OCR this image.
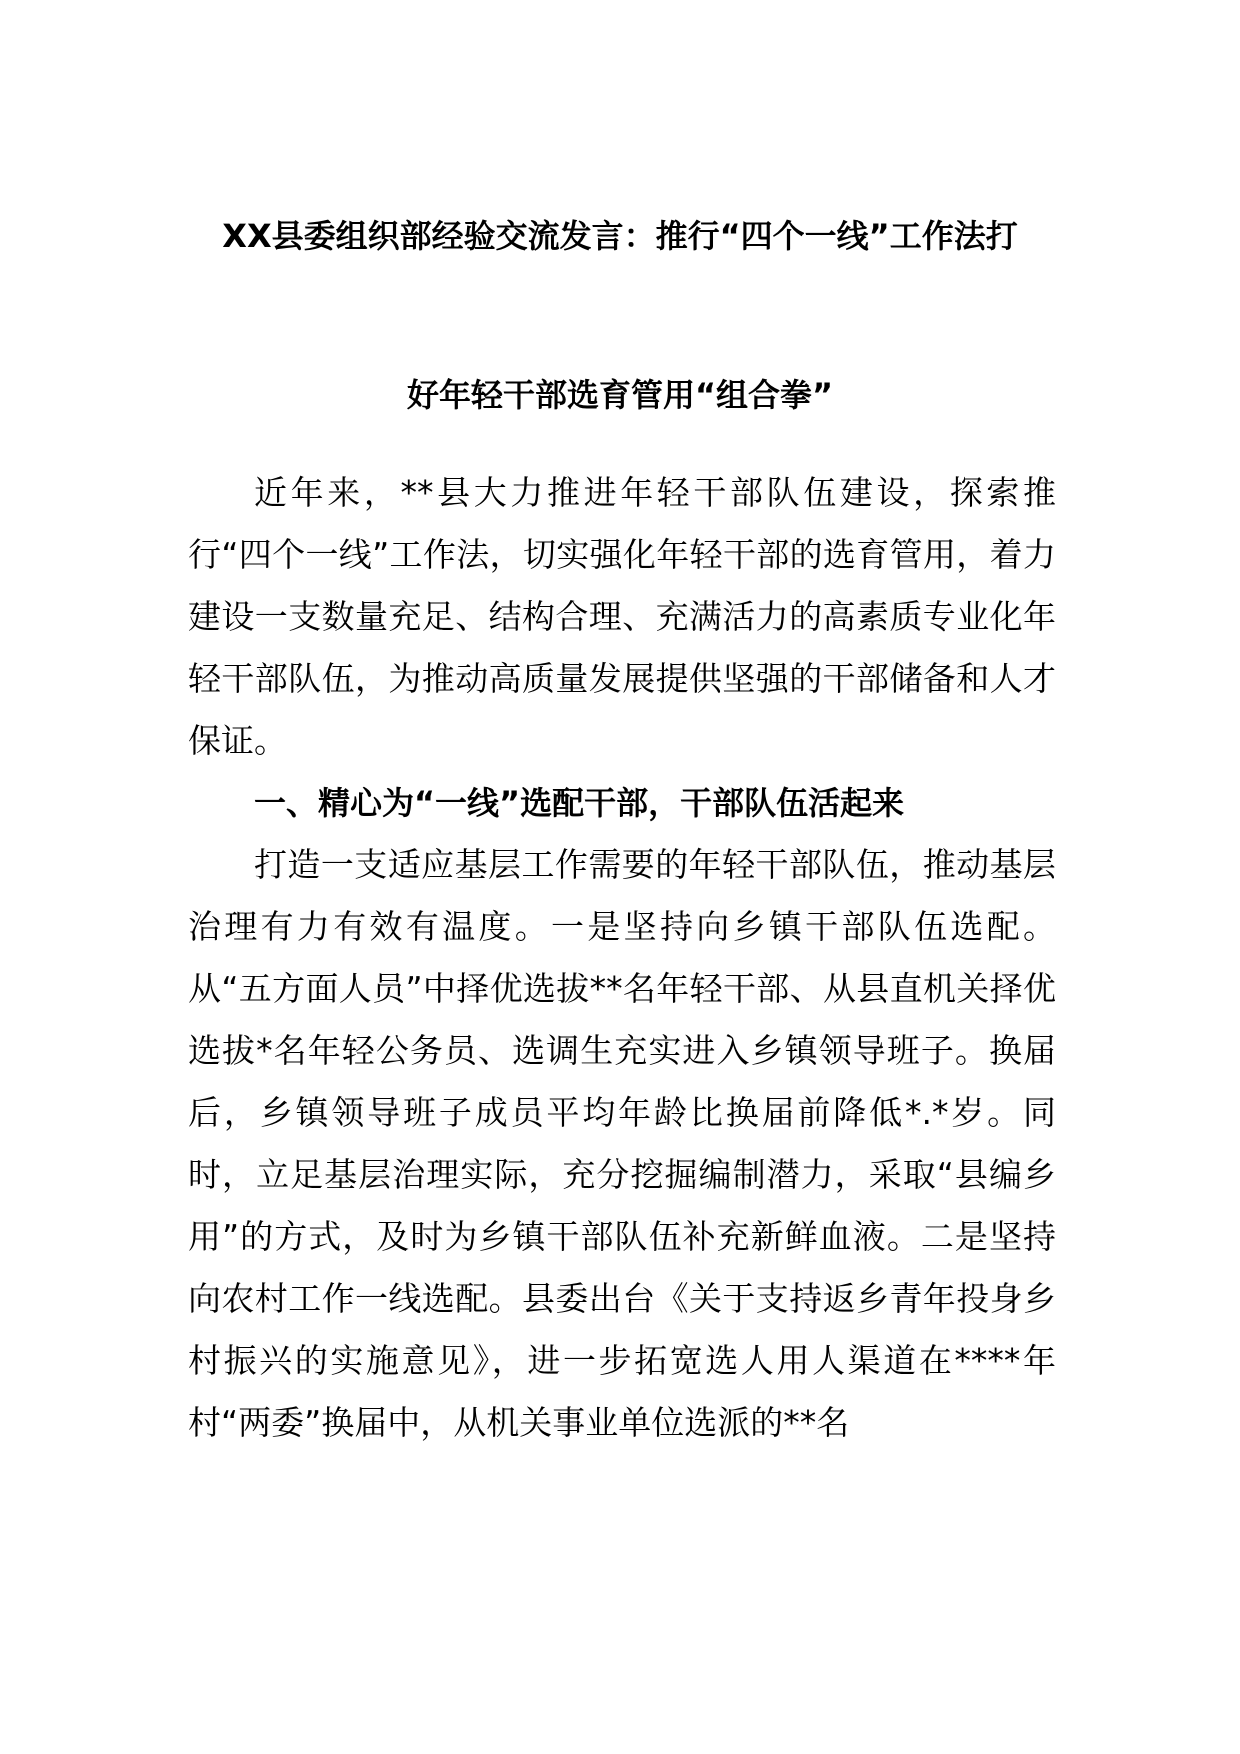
XX县委组织部经验交流发言：推行“四个一线”工作法打
好年轻干部选育管用“组合拳”

近年来，**县大力推进年轻干部队伍建设，探索推行“四个一线”工作法，切实强化年轻干部的选育管用，着力建设一支数量充足、结构合理、充满活力的高素质专业化年轻干部队伍，为推动高质量发展提供坚强的干部储备和人才保证。

一、精心为“一线”选配干部，干部队伍活起来

打造一支适应基层工作需要的年轻干部队伍，推动基层治理有力有效有温度。一是坚持向乡镇干部队伍选配。从“五方面人员”中择优选拔**名年轻干部、从县直机关择优选拔*名年轻公务员、选调生充实进入乡镇领导班子。换届后，乡镇领导班子成员平均年龄比换届前降低*.*岁。同时，立足基层治理实际，充分挖掘编制潜力，采取“县编乡用”的方式，及时为乡镇干部队伍补充新鲜血液。二是坚持向农村工作一线选配。县委出台《关于支持返乡青年投身乡村振兴的实施意见》，进一步拓宽选人用人渠道在****年村“两委”换届中，从机关事业单位选派的**名
